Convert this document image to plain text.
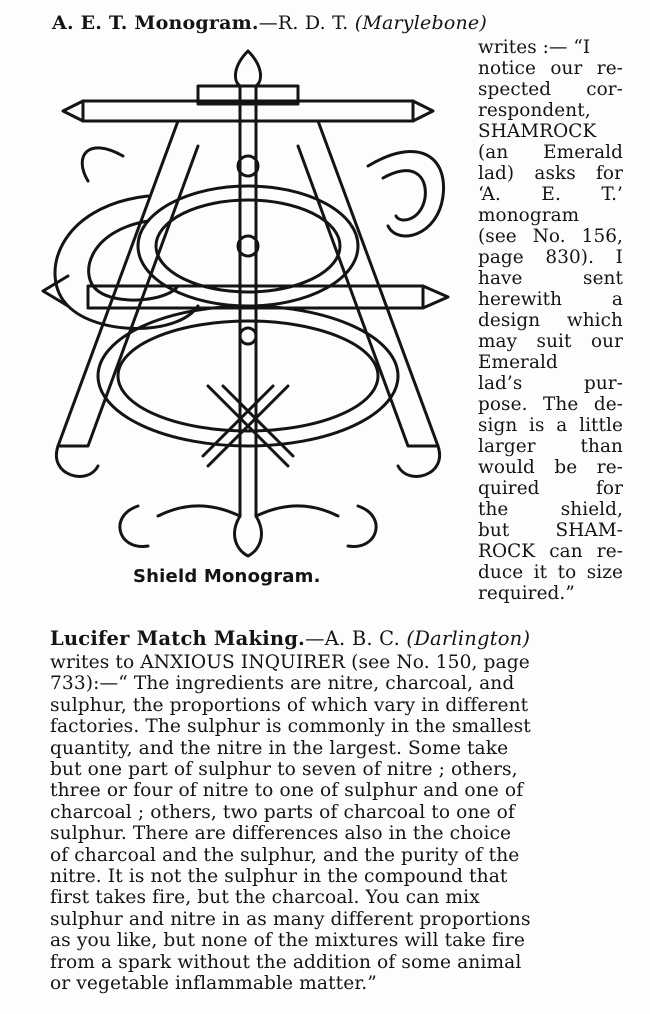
A. E. T. Monogram.—R. D. T. (Marylebone)
writes :— “I
notice our re-
spected cor-
respondent,
SHAMROCK
(an Emerald
lad) asks for
‘A. E. T.’
monogram
(see No. 156,
page 830). I
have sent
herewith a
design which
may suit our
Emerald
lad’s pur-
pose. The de-
sign is a little
larger than
would be re-
quired for
the shield,
but SHAM-
ROCK can re-
duce it to size
required.”
Shield Monogram.
Lucifer Match Making.—A. B. C. (Darlington)
writes to ANXIOUS INQUIRER (see No. 150, page
733):—“ The ingredients are nitre, charcoal, and
sulphur, the proportions of which vary in different
factories. The sulphur is commonly in the smallest
quantity, and the nitre in the largest. Some take
but one part of sulphur to seven of nitre ; others,
three or four of nitre to one of sulphur and one of
charcoal ; others, two parts of charcoal to one of
sulphur. There are differences also in the choice
of charcoal and the sulphur, and the purity of the
nitre. It is not the sulphur in the compound that
first takes fire, but the charcoal. You can mix
sulphur and nitre in as many different proportions
as you like, but none of the mixtures will take fire
from a spark without the addition of some animal
or vegetable inflammable matter.”
